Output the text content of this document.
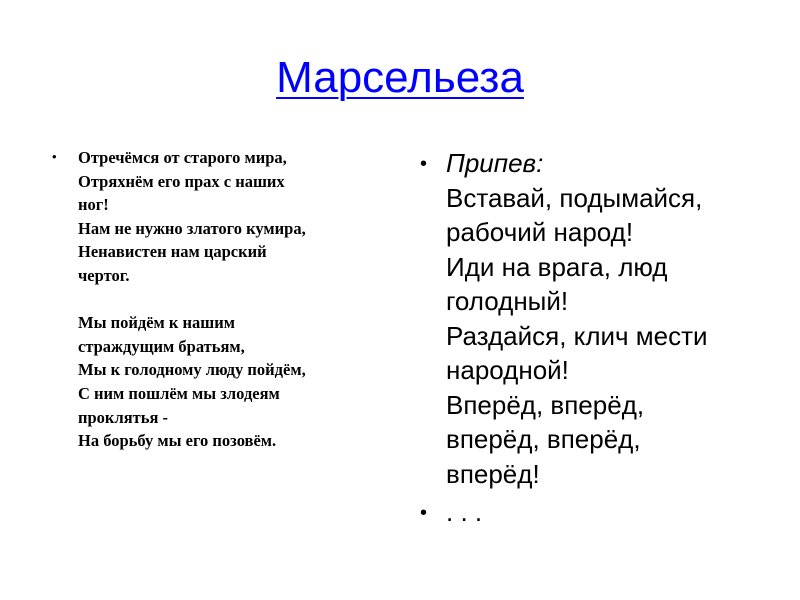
Марсельеза
• Отречёмся от старого мира,
Отряхнём его прах с наших
ног!
Нам не нужно златого кумира,
Ненавистен нам царский
чертог.
Мы пойдём к нашим
страждущим братьям,
Мы к голодному люду пойдём,
С ним пошлём мы злодеям
проклятья -
На борьбу мы его позовём.
• Припев:
Вставай, подымайся,
рабочий народ!
Иди на врага, люд
голодный!
Раздайся, клич мести
народной!
Вперёд, вперёд,
вперёд, вперёд,
вперёд!
• . . .
